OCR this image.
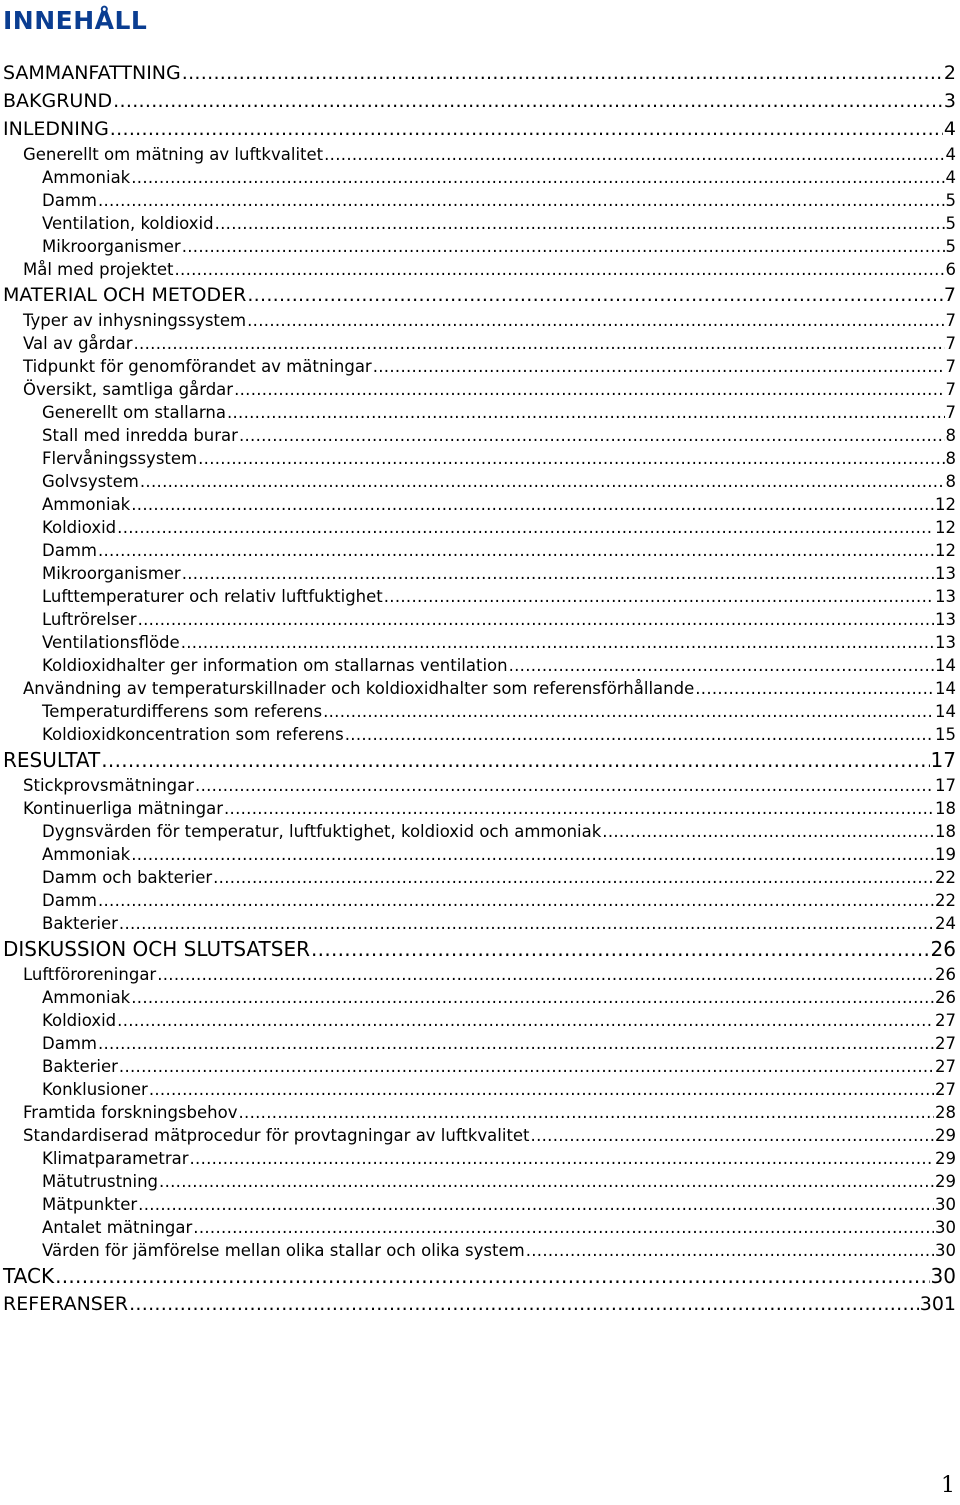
INNEHÅLL
SAMMANFATTNING .....	2
BAKGRUND .....	3
INLEDNING .....	4
Generellt om mätning av luftkvalitet .....	4
Ammoniak .....	4
Damm .....	5
Ventilation, koldioxid .....	5
Mikroorganismer .....	5
Mål med projektet .....	6
MATERIAL OCH METODER .....	7
Typer av inhysningssystem .....	7
Val av gårdar .....	7
Tidpunkt för genomförandet av mätningar .....	7
Översikt, samtliga gårdar .....	7
Generellt om stallarna .....	7
Stall med inredda burar .....	8
Flervåningssystem .....	8
Golvsystem .....	8
Ammoniak .....	12
Koldioxid .....	12
Damm .....	12
Mikroorganismer .....	13
Lufttemperaturer och relativ luftfuktighet .....	13
Luftrörelser .....	13
Ventilationsflöde .....	13
Koldioxidhalter ger information om stallarnas ventilation .....	14
Användning av temperaturskillnader och koldioxidhalter som referensförhållande .....	14
Temperaturdifferens som referens .....	14
Koldioxidkoncentration som referens .....	15
RESULTAT .....	17
Stickprovsmätningar .....	17
Kontinuerliga mätningar .....	18
Dygnsvärden för temperatur, luftfuktighet, koldioxid och ammoniak .....	18
Ammoniak .....	19
Damm och bakterier .....	22
Damm .....	22
Bakterier .....	24
DISKUSSION OCH SLUTSATSER .....	26
Luftföroreningar .....	26
Ammoniak .....	26
Koldioxid .....	27
Damm .....	27
Bakterier .....	27
Konklusioner .....	27
Framtida forskningsbehov .....	28
Standardiserad mätprocedur för provtagningar av luftkvalitet .....	29
Klimatparametrar .....	29
Mätutrustning .....	29
Mätpunkter .....	30
Antalet mätningar .....	30
Värden för jämförelse mellan olika stallar och olika system .....	30
TACK .....	30
REFERANSER .....	301
1
